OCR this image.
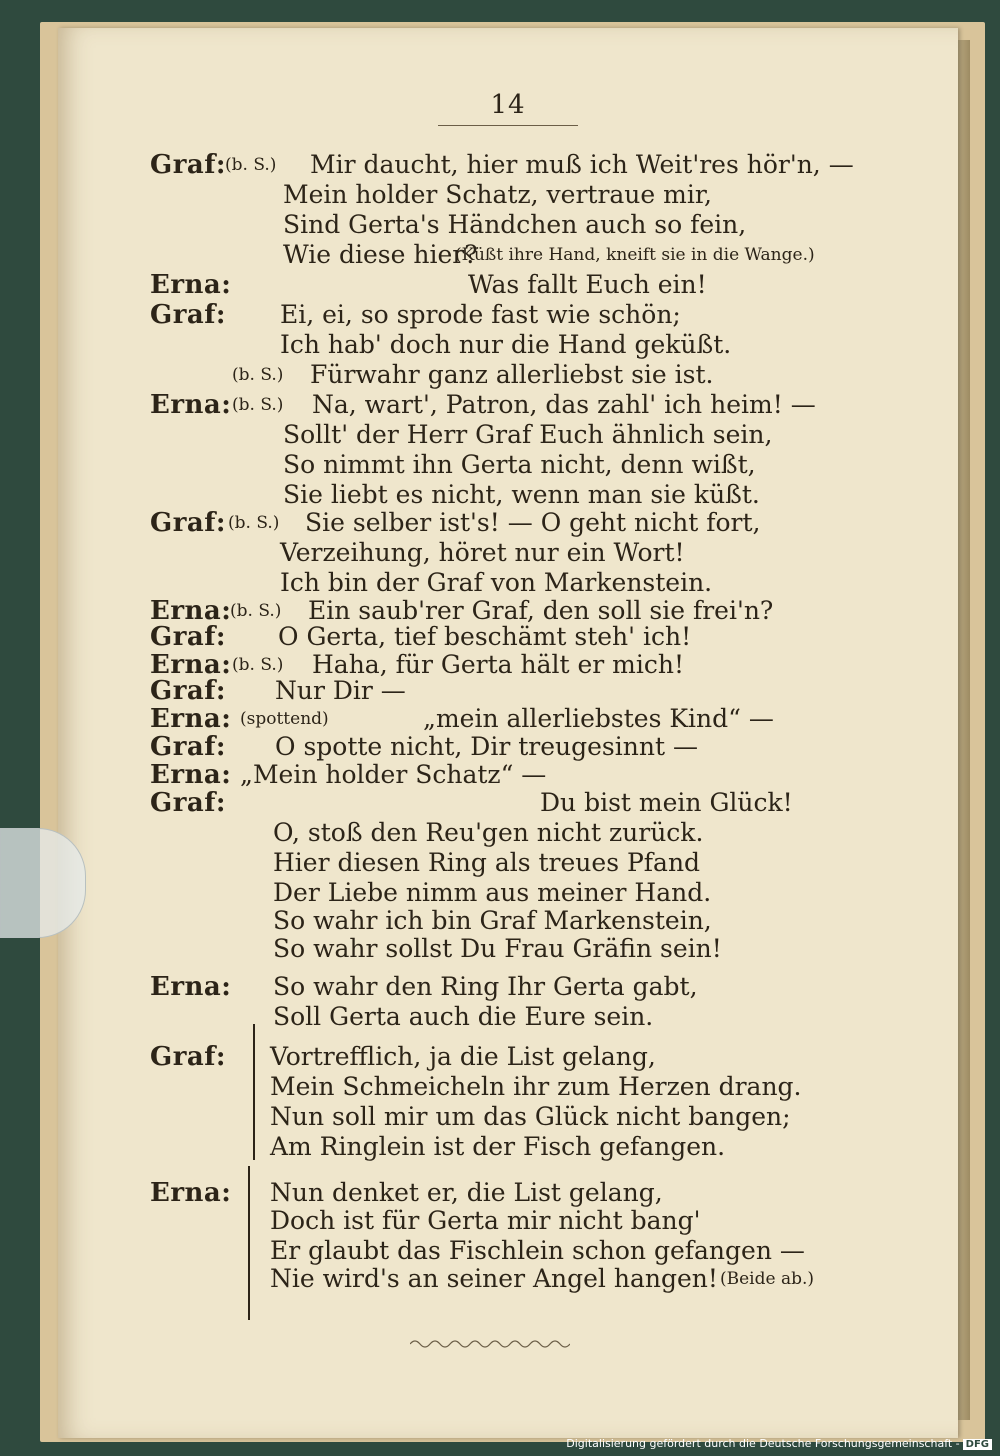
14
Graf:
(b. S.) Mir daucht, hier muß ich Weit'res hör'n, —
Mein holder Schatz, vertraue mir,
Sind Gerta's Händchen auch so fein,
Wie diese hier?
(Küßt ihre Hand, kneift sie in die Wange.)
Erna:	Was fallt Euch ein!
Graf: Ei, ei, so sprode fast wie schön;
Ich hab' doch nur die Hand geküßt.
(b. S.) Fürwahr ganz allerliebst sie ist.
Erna: (b. S.) Na, wart', Patron, das zahl' ich heim! —
Sollt' der Herr Graf Euch ähnlich sein,
So nimmt ihn Gerta nicht, denn wißt,
Sie liebt es nicht, wenn man sie küßt.
Graf: (b. S.) Sie selber ist's! — O geht nicht fort,
Verzeihung, höret nur ein Wort!
Ich bin der Graf von Markenstein.
Erna:
(b. S.) Ein saub'rer Graf, den soll sie frei'n?
Graf: O Gerta, tief beschämt steh' ich!
Erna: (b. S.) Haha, für Gerta hält er mich!
Graf: Nur Dir —
Erna: (spottend)	„mein allerliebstes Kind“ —
Graf: O spotte nicht, Dir treugesinnt —
Erna: „Mein holder Schatz“ —
Graf:	Du bist mein Glück!
O, stoß den Reu'gen nicht zurück.
Hier diesen Ring als treues Pfand
Der Liebe nimm aus meiner Hand.
So wahr ich bin Graf Markenstein,
So wahr sollst Du Frau Gräfin sein!
Erna: So wahr den Ring Ihr Gerta gabt,
Soll Gerta auch die Eure sein.
Graf: Vortrefflich, ja die List gelang,
Mein Schmeicheln ihr zum Herzen drang.
Nun soll mir um das Glück nicht bangen;
Am Ringlein ist der Fisch gefangen.
Erna: Nun denket er, die List gelang,
Doch ist für Gerta mir nicht bang'
Er glaubt das Fischlein schon gefangen —
Nie wird's an seiner Angel hangen! (Beide ab.)
Digitalisierung gefördert durch die Deutsche Forschungsgemeinschaft - DFG
